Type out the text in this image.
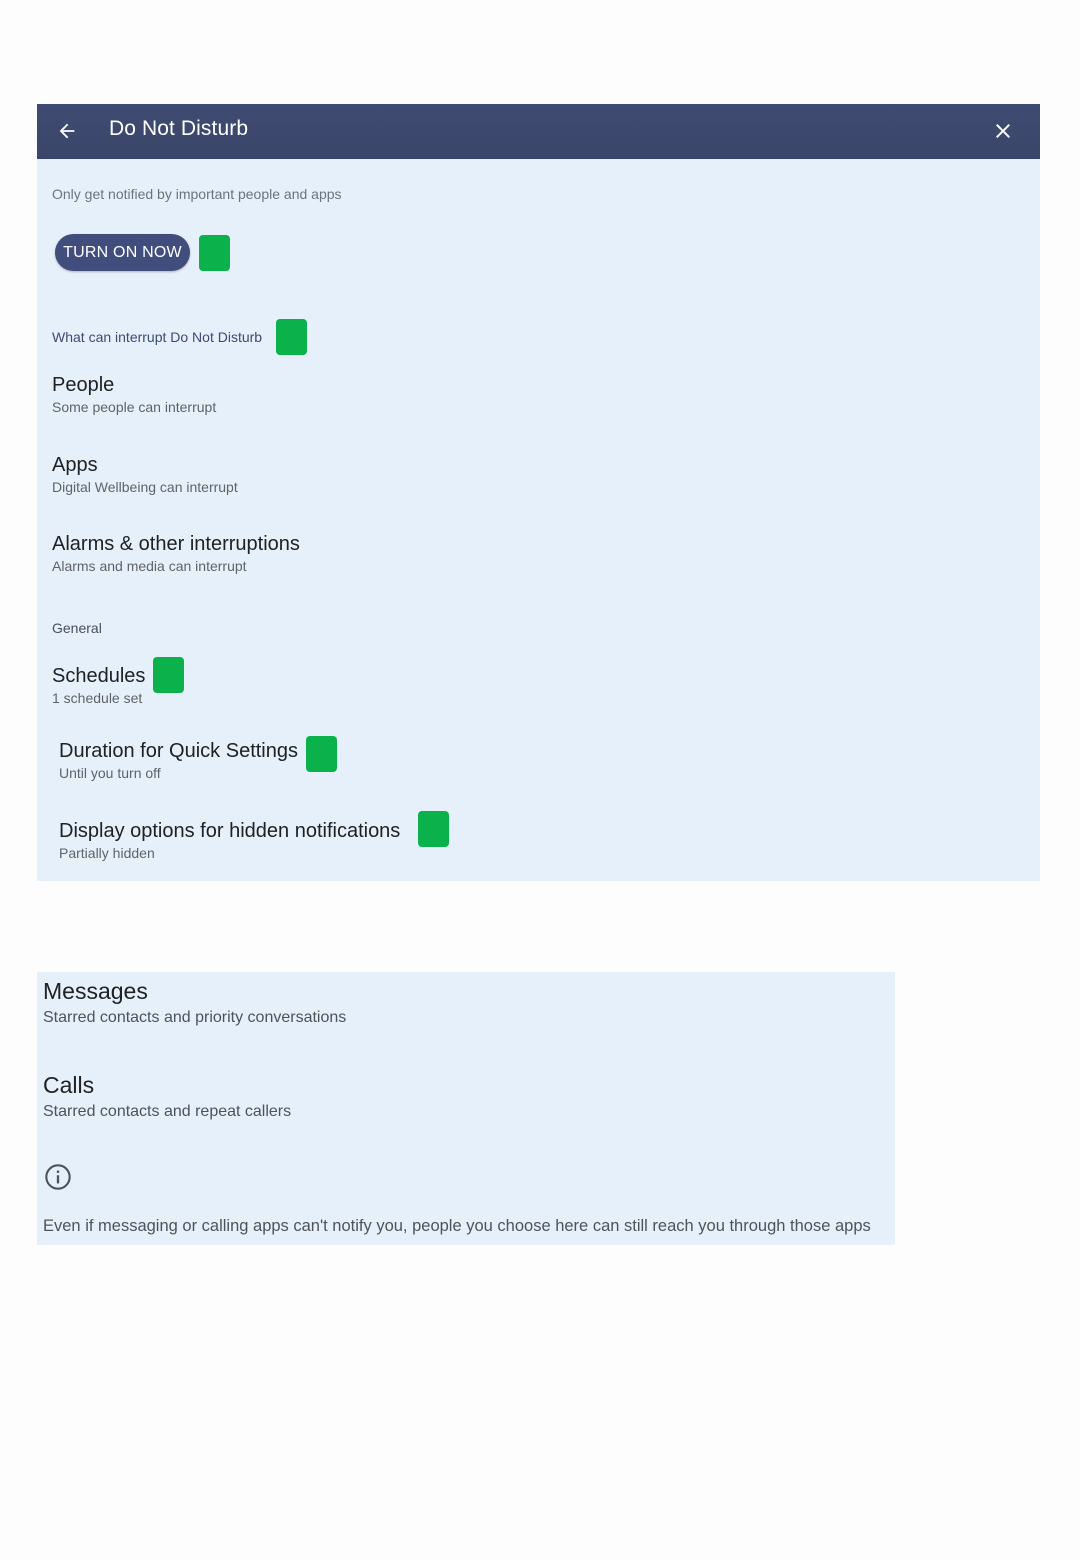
Do Not Disturb
Only get notified by important people and apps
TURN ON NOW
What can interrupt Do Not Disturb
People
Some people can interrupt
Apps
Digital Wellbeing can interrupt
Alarms & other interruptions
Alarms and media can interrupt
General
Schedules
1 schedule set
Duration for Quick Settings
Until you turn off
Display options for hidden notifications
Partially hidden
Messages
Starred contacts and priority conversations
Calls
Starred contacts and repeat callers
Even if messaging or calling apps can't notify you, people you choose here can still reach you through those apps
